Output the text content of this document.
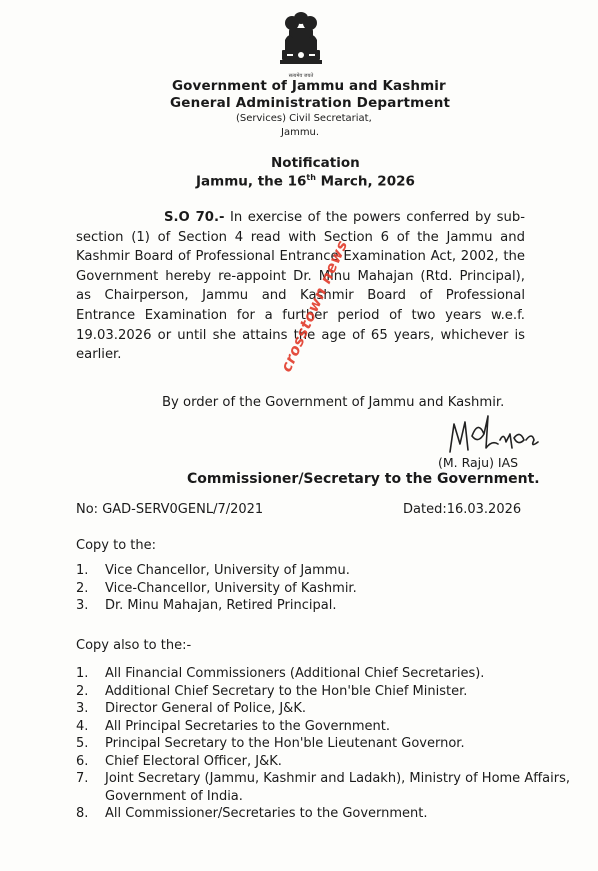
सत्यमेव जयते
Government of Jammu and Kashmir
General Administration Department
(Services) Civil Secretariat,
Jammu.
Notification
Jammu, the 16th March, 2026
S.O 70.- In exercise of the powers conferred by sub-
section (1) of Section 4 read with Section 6 of the Jammu and
Kashmir Board of Professional Entrance Examination Act, 2002, the
Government hereby re-appoint Dr. Minu Mahajan (Rtd. Principal),
as Chairperson, Jammu and Kashmir Board of Professional
Entrance Examination for a further period of two years w.e.f.
19.03.2026 or until she attains the age of 65 years, whichever is
earlier.	crosstown news
By order of the Government of Jammu and Kashmir.
(M. Raju) IAS
Commissioner/Secretary to the Government.
No: GAD-SERV0GENL/7/2021	Dated:16.03.2026
Copy to the:
1. Vice Chancellor, University of Jammu.
2. Vice-Chancellor, University of Kashmir.
3. Dr. Minu Mahajan, Retired Principal.
Copy also to the:-
1. All Financial Commissioners (Additional Chief Secretaries).
2. Additional Chief Secretary to the Hon'ble Chief Minister.
3. Director General of Police, J&K.
4. All Principal Secretaries to the Government.
5. Principal Secretary to the Hon'ble Lieutenant Governor.
6. Chief Electoral Officer, J&K.
7. Joint Secretary (Jammu, Kashmir and Ladakh), Ministry of Home Affairs, Government of India.
8. All Commissioner/Secretaries to the Government.
